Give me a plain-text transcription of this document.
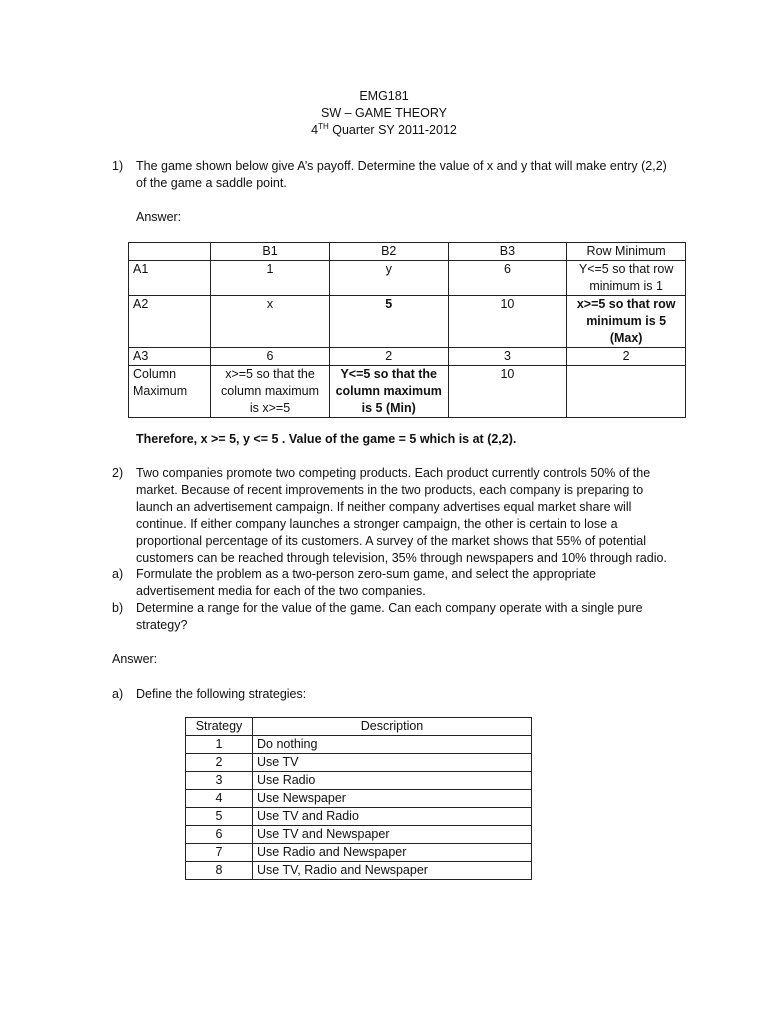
EMG181
SW – GAME THEORY
4TH Quarter SY 2011-2012
1)	The game shown below give A’s payoff. Determine the value of x and y that will make entry (2,2) of the game a saddle point.
Answer:
	B1	B2	B3	Row Minimum
A1	1	y	6	Y<=5 so that row minimum is 1
A2	x	5	10	x>=5 so that row minimum is 5 (Max)
A3	6	2	3	2
Column Maximum	x>=5 so that the column maximum is x>=5	Y<=5 so that the column maximum is 5 (Min)	10	
Therefore, x >= 5, y <= 5 . Value of the game = 5 which is at (2,2).
2)	Two companies promote two competing products. Each product currently controls 50% of the market. Because of recent improvements in the two products, each company is preparing to launch an advertisement campaign. If neither company advertises equal market share will continue. If either company launches a stronger campaign, the other is certain to lose a proportional percentage of its customers. A survey of the market shows that 55% of potential customers can be reached through television, 35% through newspapers and 10% through radio.
a)	Formulate the problem as a two-person zero-sum game, and select the appropriate advertisement media for each of the two companies.
b)	Determine a range for the value of the game. Can each company operate with a single pure strategy?
Answer:
a)	Define the following strategies:
Strategy	Description
1	Do nothing
2	Use TV
3	Use Radio
4	Use Newspaper
5	Use TV and Radio
6	Use TV and Newspaper
7	Use Radio and Newspaper
8	Use TV, Radio and Newspaper
